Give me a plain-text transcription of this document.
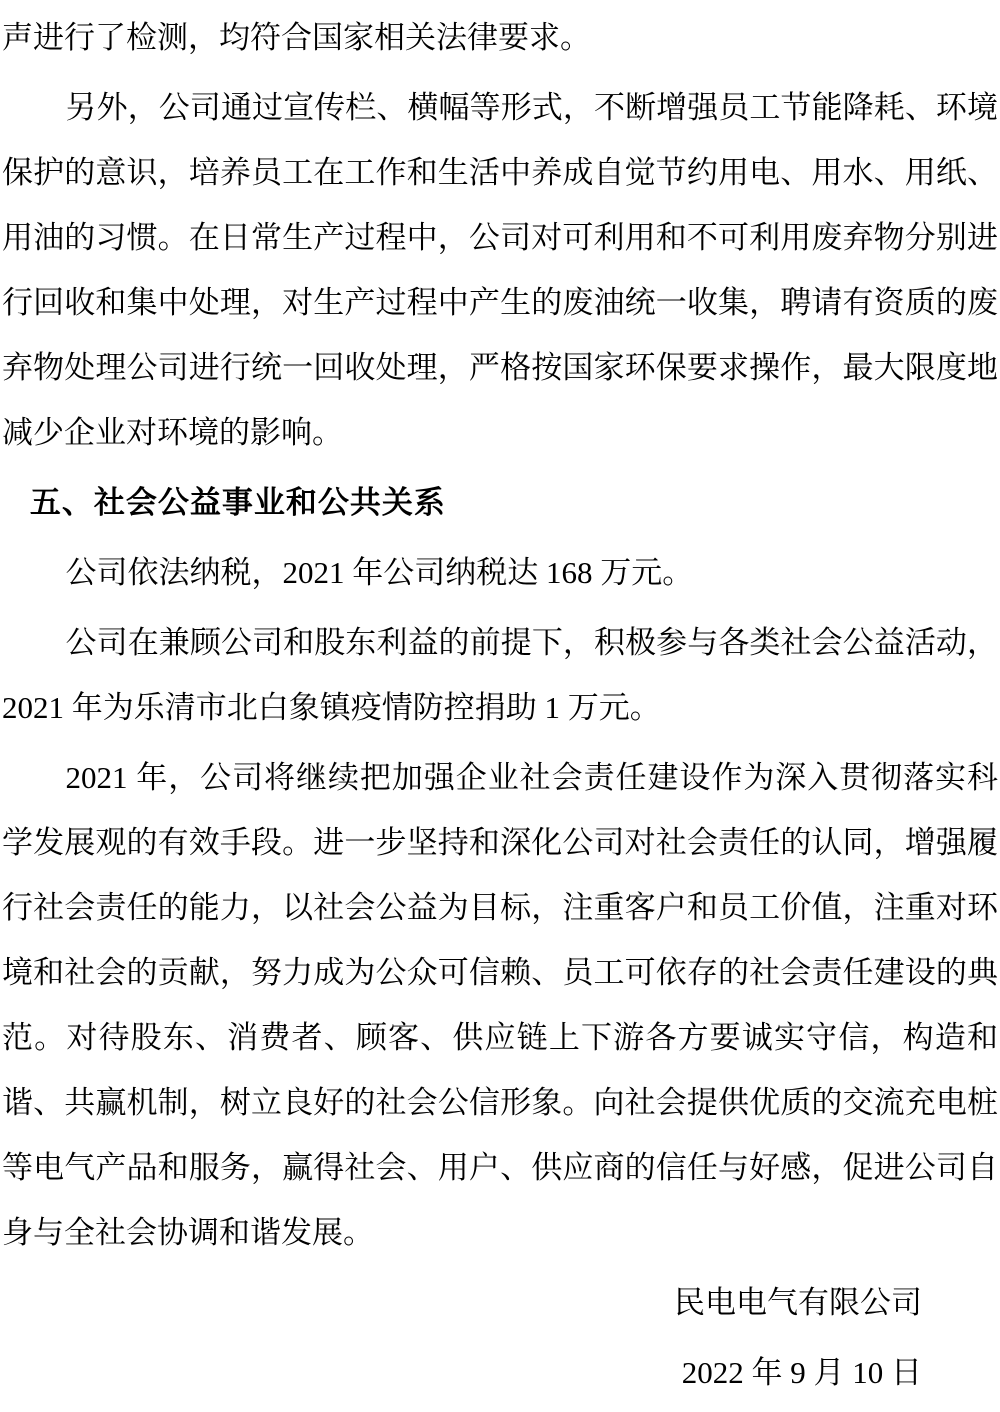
声进行了检测，均符合国家相关法律要求。

另外，公司通过宣传栏、横幅等形式，不断增强员工节能降耗、环境保护的意识，培养员工在工作和生活中养成自觉节约用电、用水、用纸、用油的习惯。在日常生产过程中，公司对可利用和不可利用废弃物分别进行回收和集中处理，对生产过程中产生的废油统一收集，聘请有资质的废弃物处理公司进行统一回收处理，严格按国家环保要求操作，最大限度地减少企业对环境的影响。

五、社会公益事业和公共关系

公司依法纳税，2021 年公司纳税达 168 万元。

公司在兼顾公司和股东利益的前提下，积极参与各类社会公益活动，2021 年为乐清市北白象镇疫情防控捐助 1 万元。

2021 年，公司将继续把加强企业社会责任建设作为深入贯彻落实科学发展观的有效手段。进一步坚持和深化公司对社会责任的认同，增强履行社会责任的能力，以社会公益为目标，注重客户和员工价值，注重对环境和社会的贡献，努力成为公众可信赖、员工可依存的社会责任建设的典范。对待股东、消费者、顾客、供应链上下游各方要诚实守信，构造和谐、共赢机制，树立良好的社会公信形象。向社会提供优质的交流充电桩等电气产品和服务，赢得社会、用户、供应商的信任与好感，促进公司自身与全社会协调和谐发展。

民电电气有限公司

2022 年 9 月 10 日
